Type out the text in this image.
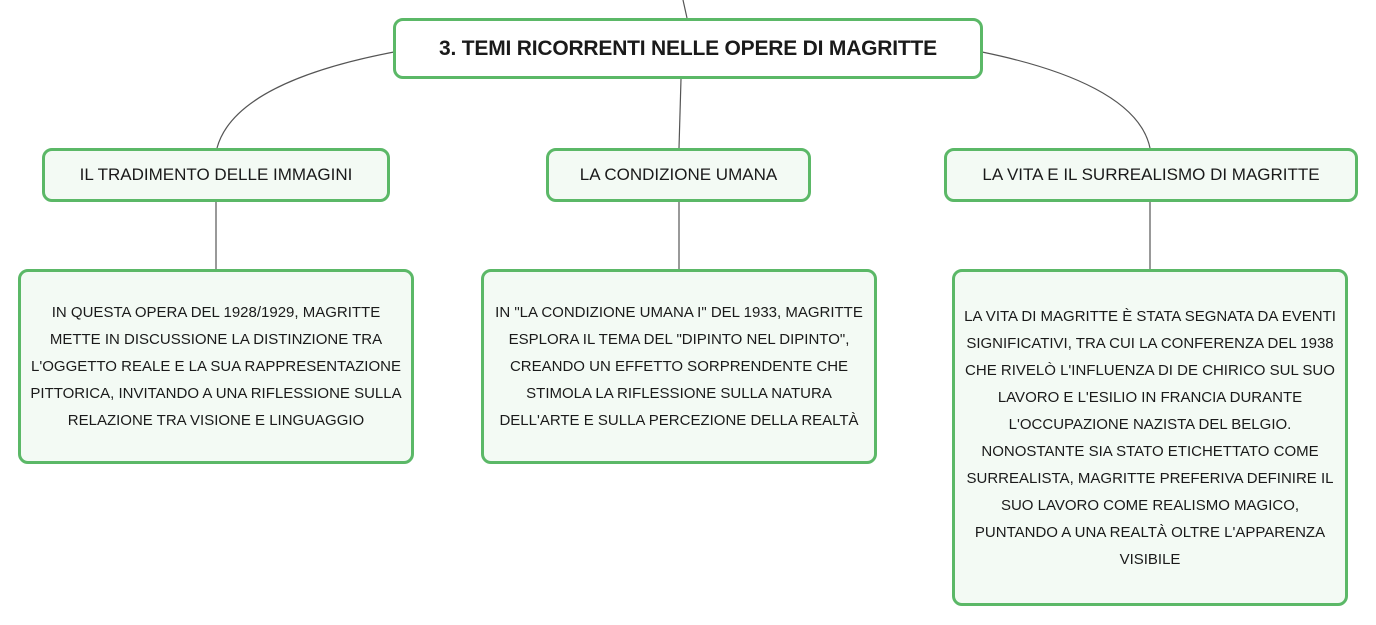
3. TEMI RICORRENTI NELLE OPERE DI MAGRITTE
IL TRADIMENTO DELLE IMMAGINI	LA CONDIZIONE UMANA	LA VITA E IL SURREALISMO DI MAGRITTE
IN QUESTA OPERA DEL 1928/1929, MAGRITTE METTE IN DISCUSSIONE LA DISTINZIONE TRA L'OGGETTO REALE E LA SUA RAPPRESENTAZIONE PITTORICA, INVITANDO A UNA RIFLESSIONE SULLA RELAZIONE TRA VISIONE E LINGUAGGIO
IN "LA CONDIZIONE UMANA I" DEL 1933, MAGRITTE ESPLORA IL TEMA DEL "DIPINTO NEL DIPINTO", CREANDO UN EFFETTO SORPRENDENTE CHE STIMOLA LA RIFLESSIONE SULLA NATURA DELL'ARTE E SULLA PERCEZIONE DELLA REALTÀ
LA VITA DI MAGRITTE È STATA SEGNATA DA EVENTI SIGNIFICATIVI, TRA CUI LA CONFERENZA DEL 1938 CHE RIVELÒ L'INFLUENZA DI DE CHIRICO SUL SUO LAVORO E L'ESILIO IN FRANCIA DURANTE L'OCCUPAZIONE NAZISTA DEL BELGIO. NONOSTANTE SIA STATO ETICHETTATO COME SURREALISTA, MAGRITTE PREFERIVA DEFINIRE IL SUO LAVORO COME REALISMO MAGICO, PUNTANDO A UNA REALTÀ OLTRE L'APPARENZA VISIBILE
